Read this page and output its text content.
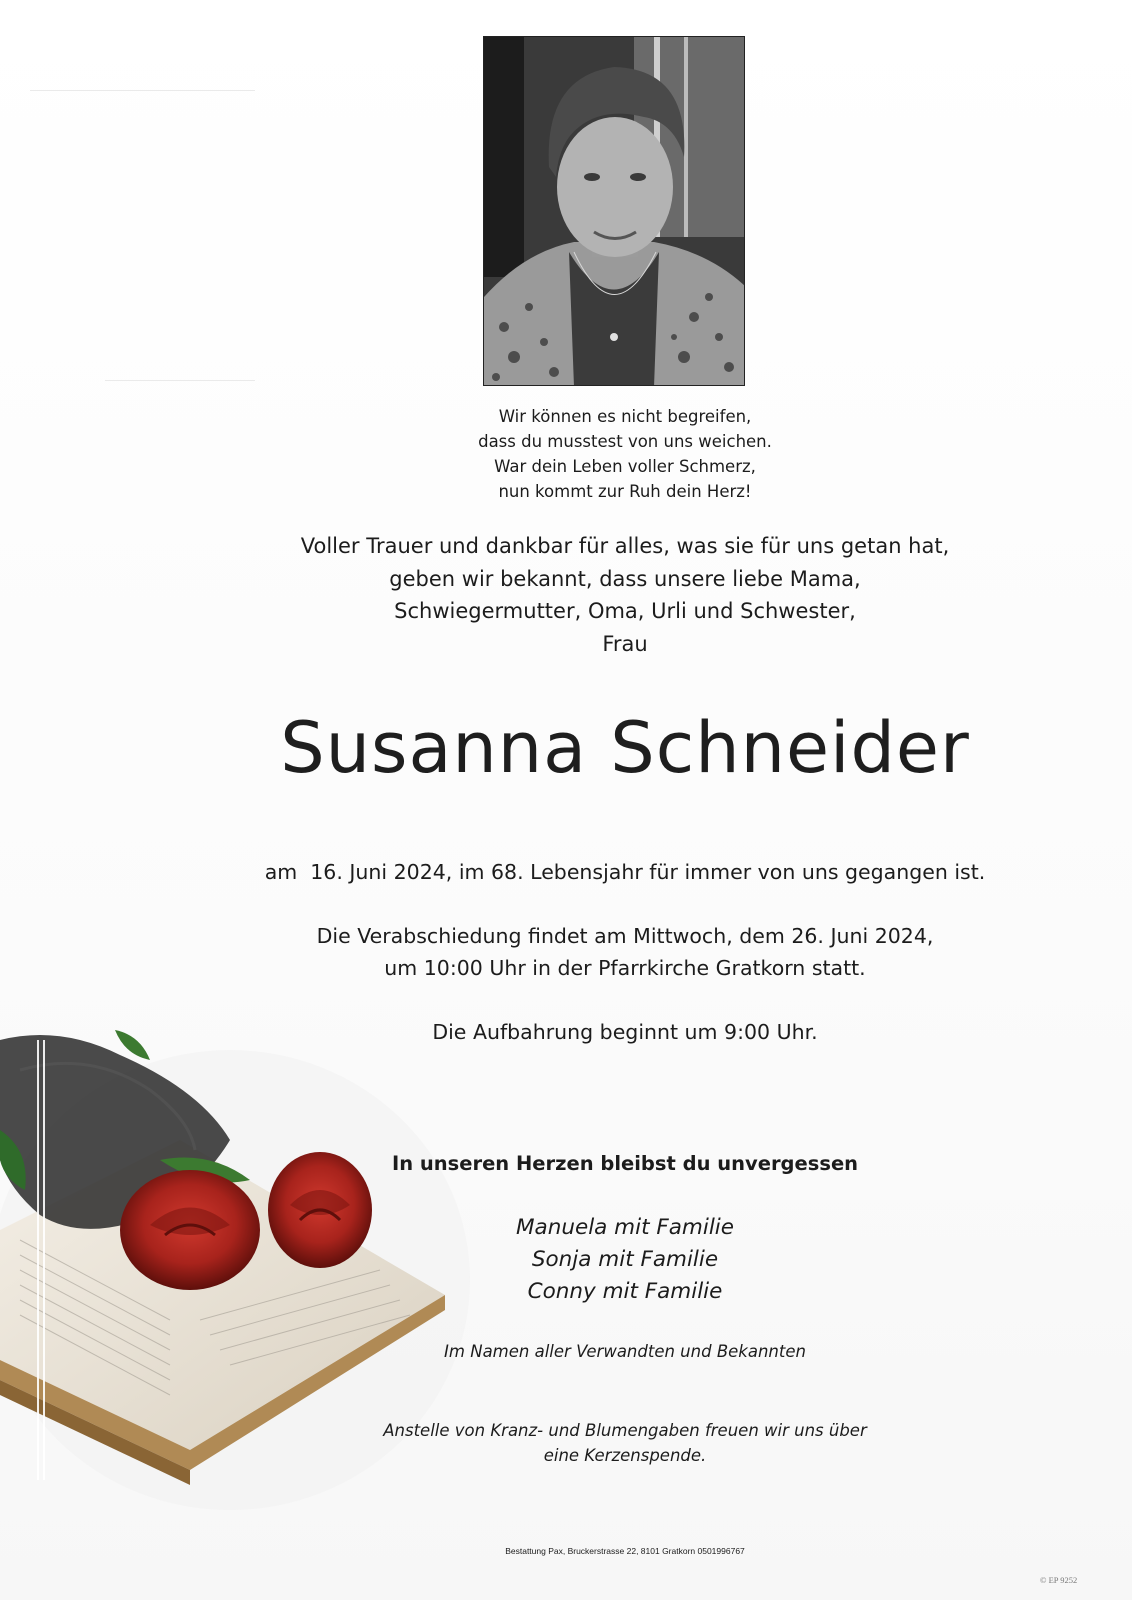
Wir können es nicht begreifen,
dass du musstest von uns weichen.
War dein Leben voller Schmerz,
nun kommt zur Ruh dein Herz!
Voller Trauer und dankbar für alles, was sie für uns getan hat,
geben wir bekannt, dass unsere liebe Mama,
Schwiegermutter, Oma, Urli und Schwester,
Frau
Susanna Schneider
am  16. Juni 2024, im 68. Lebensjahr für immer von uns gegangen ist.
Die Verabschiedung findet am Mittwoch, dem 26. Juni 2024,
um 10:00 Uhr in der Pfarrkirche Gratkorn statt.
Die Aufbahrung beginnt um 9:00 Uhr.
In unseren Herzen bleibst du unvergessen
Manuela mit Familie
Sonja mit Familie
Conny mit Familie
Im Namen aller Verwandten und Bekannten
Anstelle von Kranz- und Blumengaben freuen wir uns über
eine Kerzenspende.
Bestattung Pax, Bruckerstrasse 22, 8101 Gratkorn 0501996767
© EP 9252
